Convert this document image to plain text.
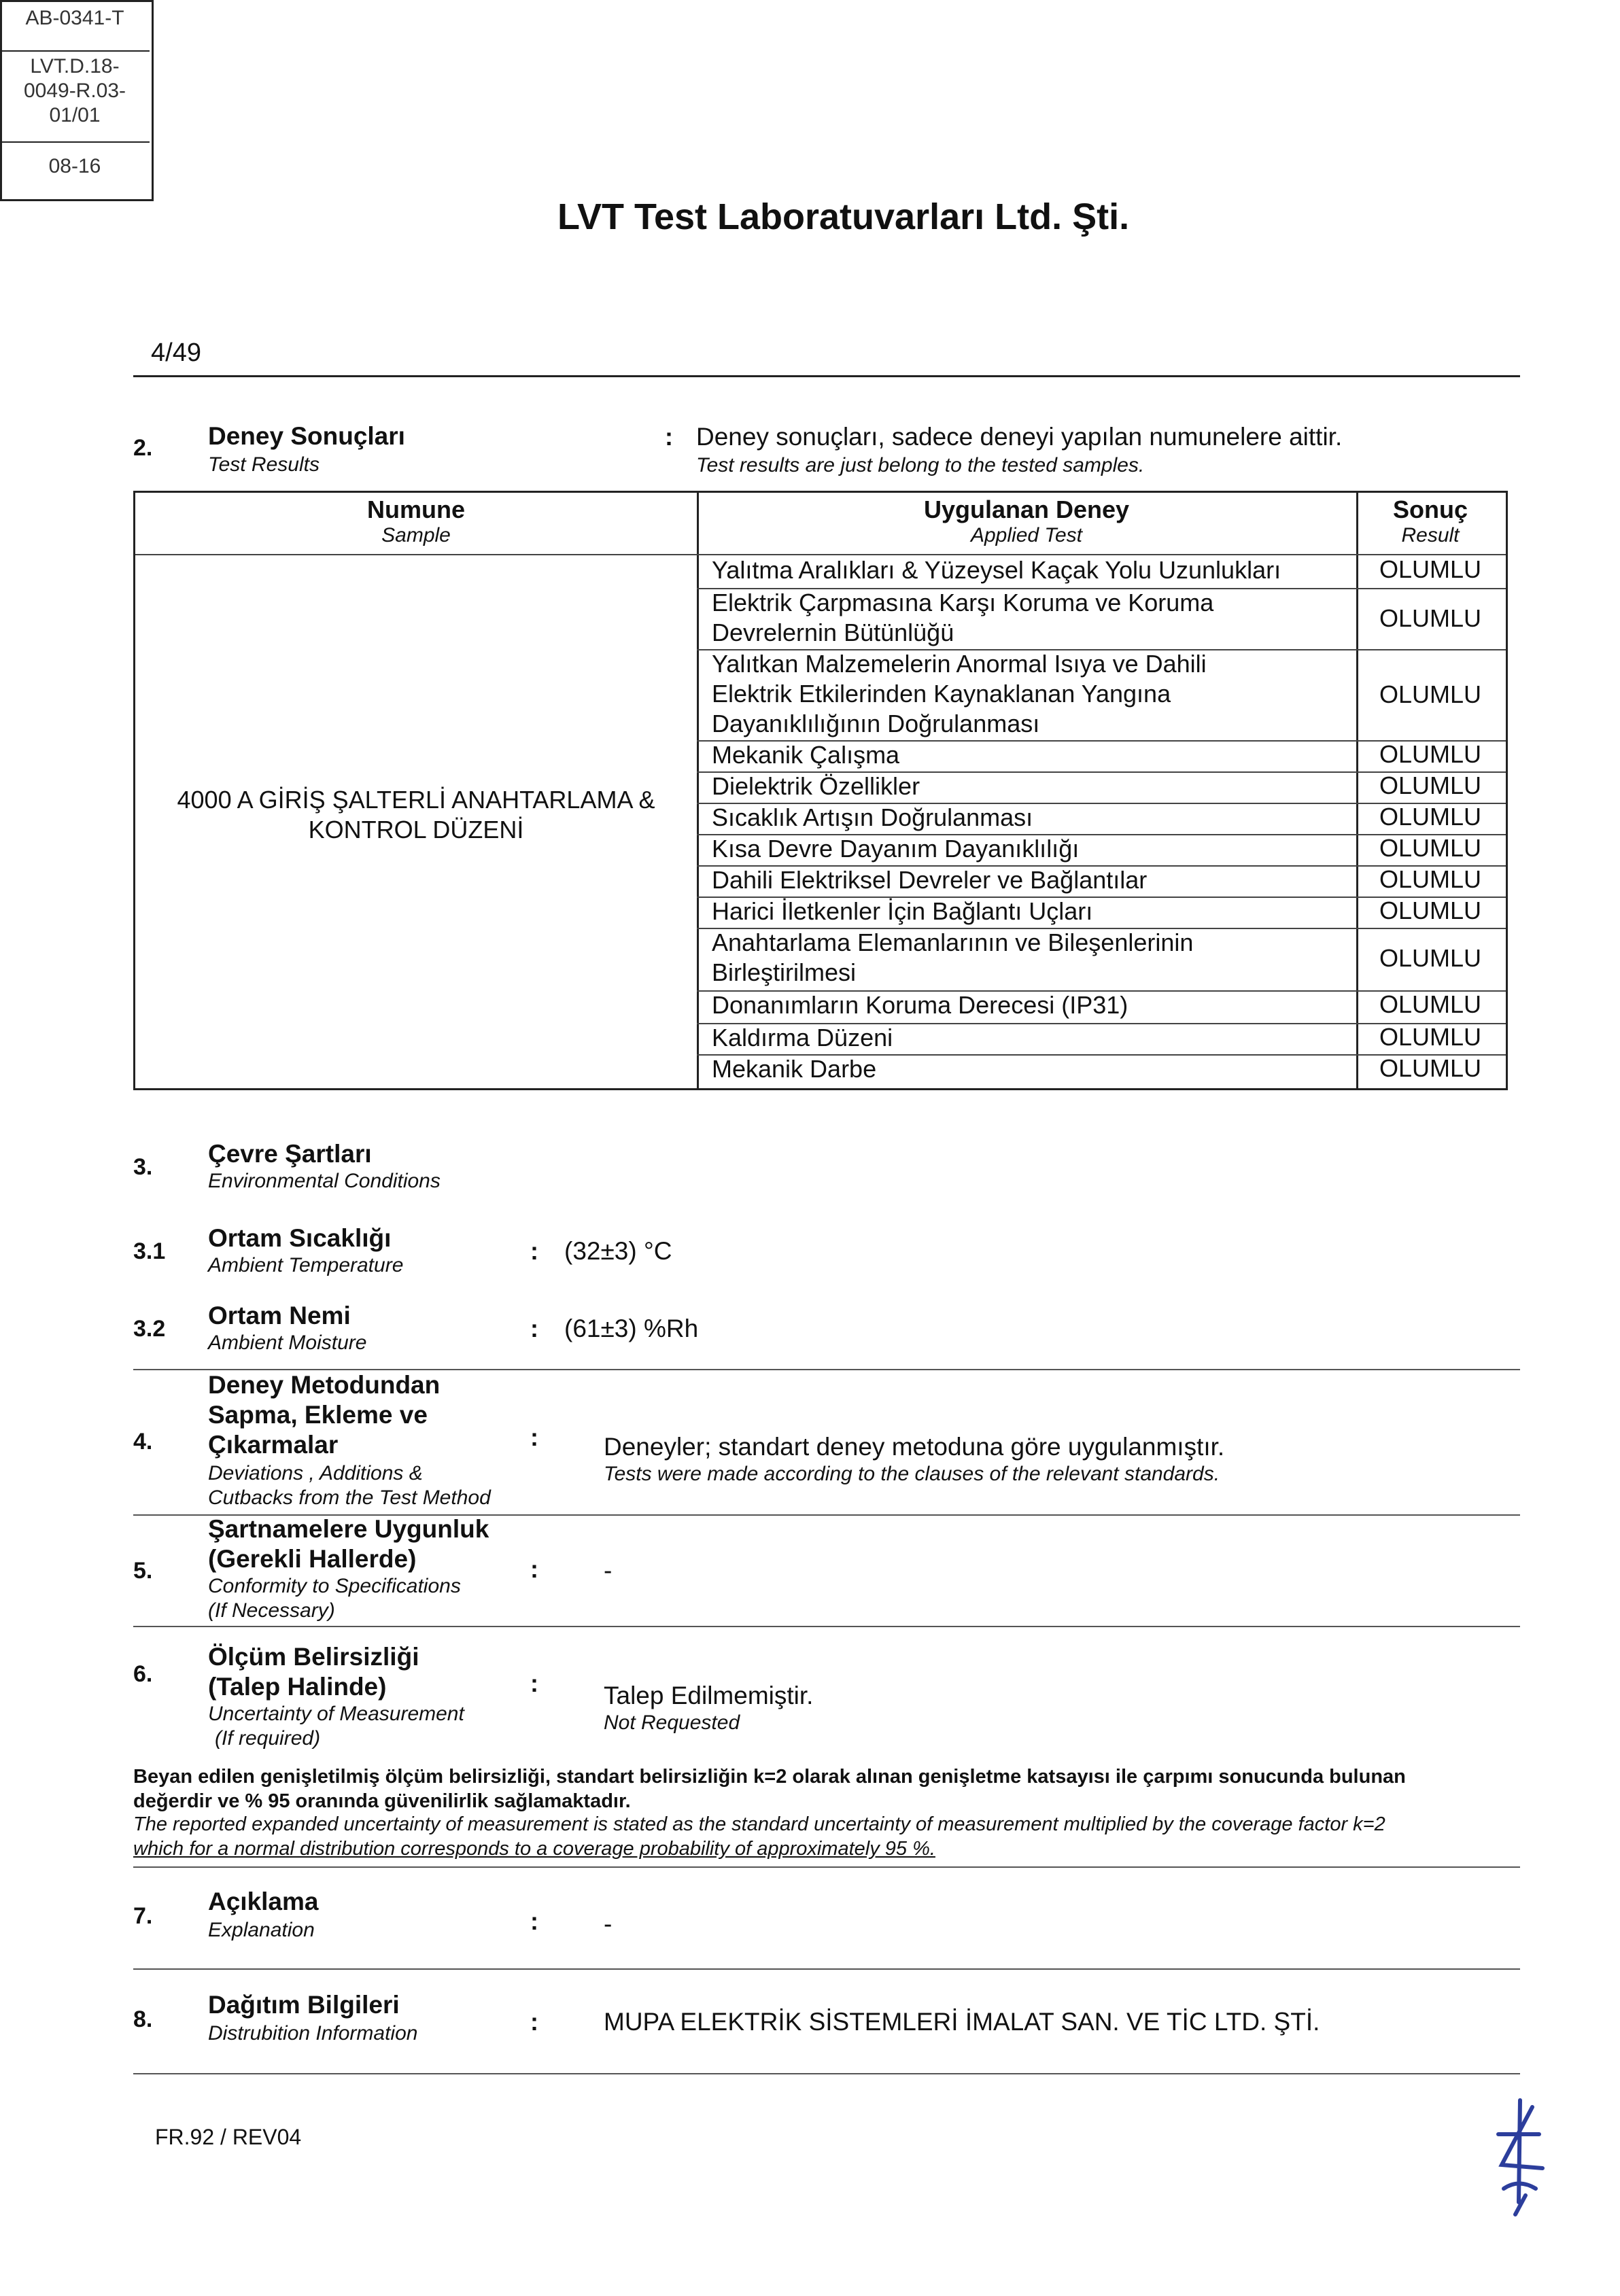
LVT Test Laboratuvarları Ltd. Şti.
AB-0341-T
LVT.D.18-
0049-R.03-
01/01
08-16
4/49
2. Deney Sonuçları
Test Results
: Deney sonuçları, sadece deneyi yapılan numunelere aittir.
Test results are just belong to the tested samples.
Numune
Sample
Uygulanan Deney
Applied Test
Sonuç
Result
4000 A GİRİŞ ŞALTERLİ ANAHTARLAMA &
KONTROL DÜZENİ
Yalıtma Aralıkları & Yüzeysel Kaçak Yolu Uzunlukları	OLUMLU
Elektrik Çarpmasına Karşı Koruma ve Koruma
Devrelernin Bütünlüğü
OLUMLU
Yalıtkan Malzemelerin Anormal Isıya ve Dahili
Elektrik Etkilerinden Kaynaklanan Yangına
Dayanıklılığının Doğrulanması
OLUMLU
Mekanik Çalışma	OLUMLU
Dielektrik Özellikler	OLUMLU
Sıcaklık Artışın Doğrulanması	OLUMLU
Kısa Devre Dayanım Dayanıklılığı	OLUMLU
Dahili Elektriksel Devreler ve Bağlantılar	OLUMLU
Harici İletkenler İçin Bağlantı Uçları	OLUMLU
Anahtarlama Elemanlarının ve Bileşenlerinin
Birleştirilmesi
OLUMLU
Donanımların Koruma Derecesi (IP31)	OLUMLU
Kaldırma Düzeni	OLUMLU
Mekanik Darbe	OLUMLU
3. Çevre Şartları
Environmental Conditions
3.1 Ortam Sıcaklığı
Ambient Temperature
: (32±3) °C
3.2 Ortam Nemi
Ambient Moisture
: (61±3) %Rh
4.
Deney Metodundan
Sapma, Ekleme ve
Çıkarmalar
Deviations , Additions &
Cutbacks from the Test Method
:	Deneyler; standart deney metoduna göre uygulanmıştır.
Tests were made according to the clauses of the relevant standards.
5.
Şartnamelere Uygunluk
(Gerekli Hallerde)
Conformity to Specifications
(If Necessary)
:	-
6.
Ölçüm Belirsizliği
(Talep Halinde)
Uncertainty of Measurement
(If required)
:	Talep Edilmemiştir.
Not Requested
Beyan edilen genişletilmiş ölçüm belirsizliği, standart belirsizliğin k=2 olarak alınan genişletme katsayısı ile çarpımı sonucunda bulunan
değerdir ve % 95 oranında güvenilirlik sağlamaktadır.
The reported expanded uncertainty of measurement is stated as the standard uncertainty of measurement multiplied by the coverage factor k=2
which for a normal distribution corresponds to a coverage probability of approximately 95 %.
7.
Açıklama
Explanation	:	-
8.
Dağıtım Bilgileri
Distrubition Information	:	MUPA ELEKTRİK SİSTEMLERİ İMALAT SAN. VE TİC LTD. ŞTİ.
FR.92 / REV04
